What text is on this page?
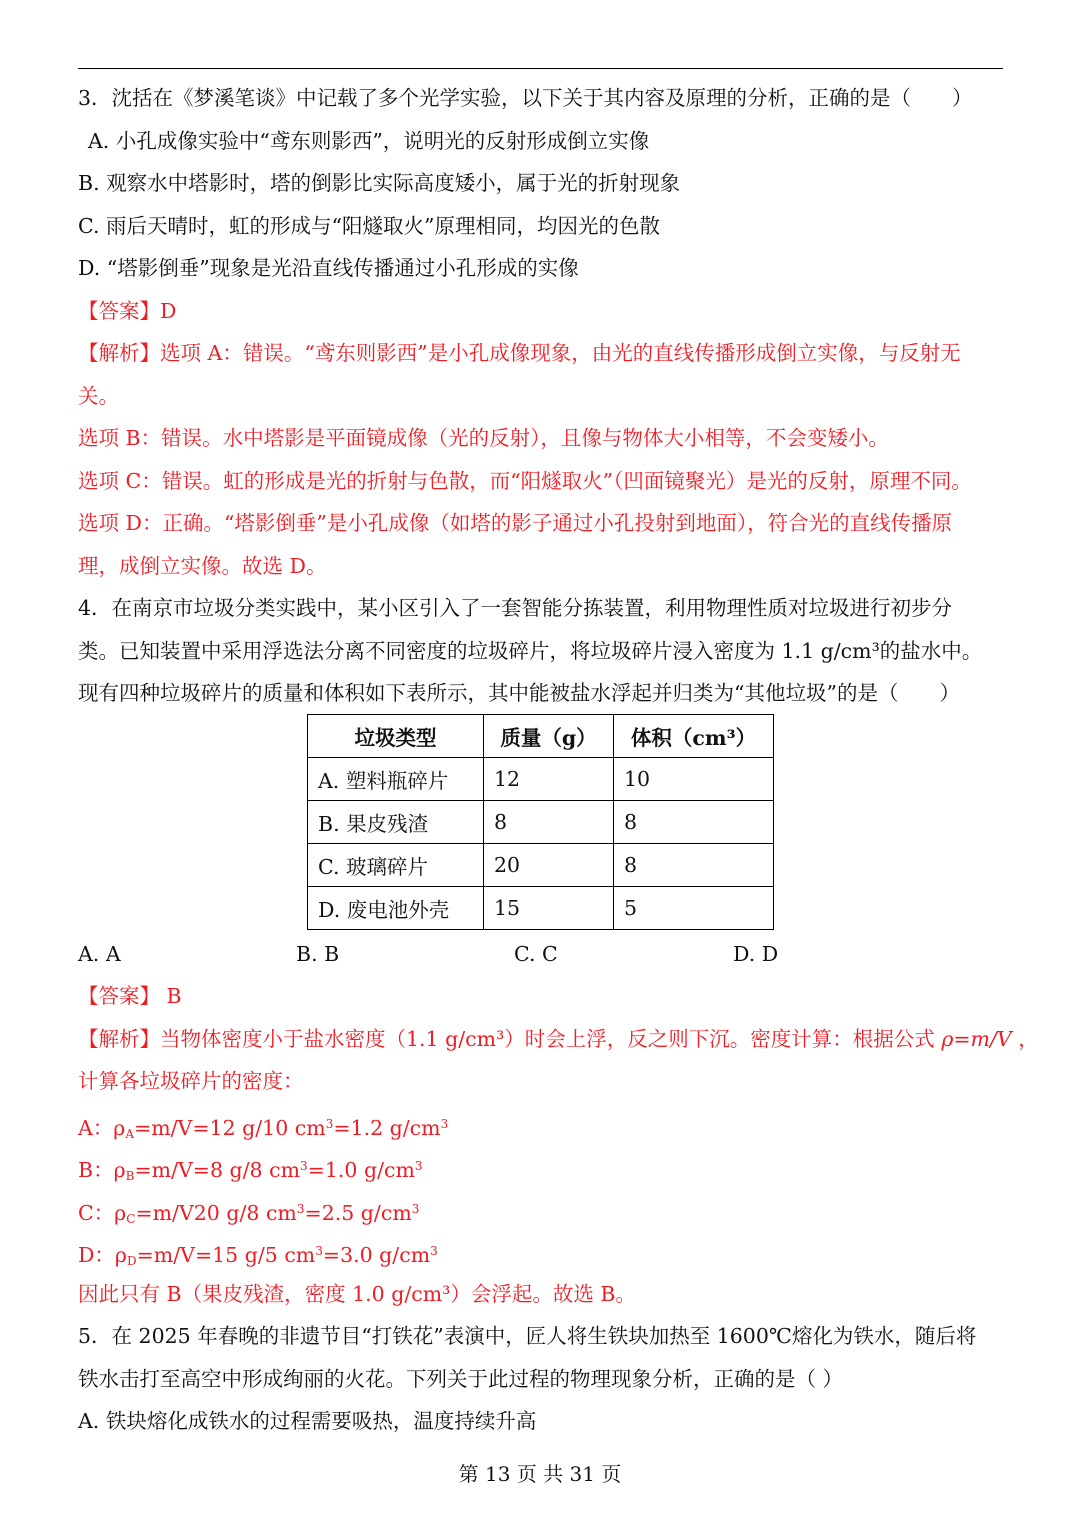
3．沈括在《梦溪笔谈》中记载了多个光学实验，以下关于其内容及原理的分析，正确的是（　　）
A. 小孔成像实验中“鸢东则影西”，说明光的反射形成倒立实像
B. 观察水中塔影时，塔的倒影比实际高度矮小，属于光的折射现象
C. 雨后天晴时，虹的形成与“阳燧取火”原理相同，均因光的色散
D. “塔影倒垂”现象是光沿直线传播通过小孔形成的实像
【答案】D
【解析】选项 A：错误。“鸢东则影西”是小孔成像现象，由光的直线传播形成倒立实像，与反射无
关。
选项 B：错误。水中塔影是平面镜成像（光的反射），且像与物体大小相等，不会变矮小。
选项 C：错误。虹的形成是光的折射与色散，而“阳燧取火”（凹面镜聚光）是光的反射，原理不同。
选项 D：正确。“塔影倒垂”是小孔成像（如塔的影子通过小孔投射到地面），符合光的直线传播原
理，成倒立实像。故选 D。
4．在南京市垃圾分类实践中，某小区引入了一套智能分拣装置，利用物理性质对垃圾进行初步分
类。已知装置中采用浮选法分离不同密度的垃圾碎片，将垃圾碎片浸入密度为 1.1 g/cm³的盐水中。
现有四种垃圾碎片的质量和体积如下表所示，其中能被盐水浮起并归类为“其他垃圾”的是（　　）
垃圾类型	质量（g）	体积（cm³）
A. 塑料瓶碎片	12	10
B. 果皮残渣	8	8
C. 玻璃碎片	20	8
D. 废电池外壳	15	5
A. A	B. B	C. C	D. D
【答案】 B
【解析】当物体密度小于盐水密度（1.1 g/cm³）时会上浮，反之则下沉。密度计算：根据公式 ρ=m/V ，
计算各垃圾碎片的密度：
A：$\rho_A=m/V=12$ g/10 $cm^3=1.2$ $g/cm^3$
B：$\rho_B=m/V=8$ g/8 $cm^3=1.0$ $g/cm^3$
C：$\rho_C=m/V20$ g/8 $cm^3=2.5$ $g/cm^3$
D：$\rho_D=m/V=15$ g/5 $cm^3=3.0$ $g/cm^3$
因此只有 B（果皮残渣，密度 1.0 g/cm³）会浮起。故选 B。
5．在 2025 年春晚的非遗节目“打铁花”表演中，匠人将生铁块加热至 1600℃熔化为铁水，随后将
铁水击打至高空中形成绚丽的火花。下列关于此过程的物理现象分析，正确的是（ ）
A. 铁块熔化成铁水的过程需要吸热，温度持续升高
第 13 页 共 31 页
